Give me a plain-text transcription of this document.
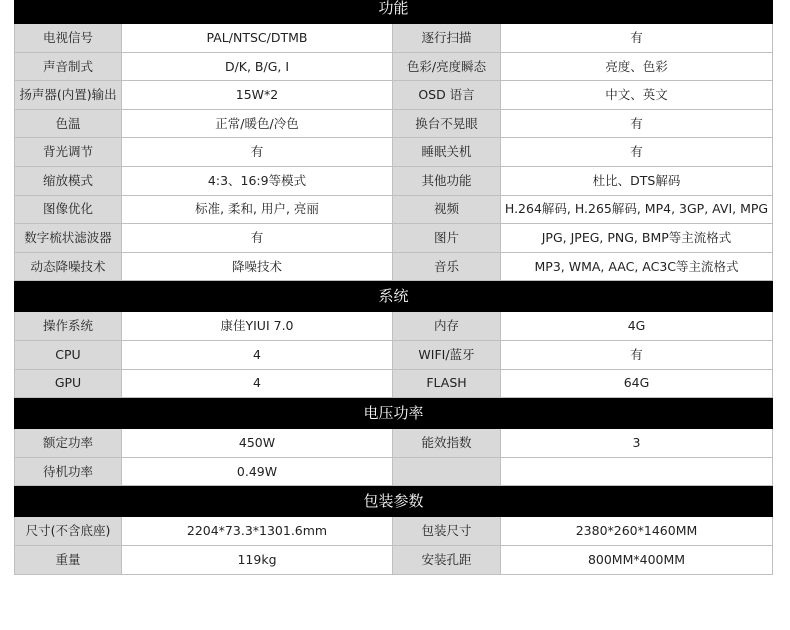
功能			
电视信号	PAL/NTSC/DTMB	逐行扫描	有
声音制式	D/K, B/G, I	色彩/亮度瞬态	亮度、色彩
扬声器(内置)输出	15W*2	OSD 语言	中文、英文
色温	正常/暖色/冷色	换台不晃眼	有
背光调节	有	睡眠关机	有
缩放模式	4:3、16:9等模式	其他功能	杜比、DTS解码
图像优化	标准, 柔和, 用户, 亮丽	视频	H.264解码, H.265解码, MP4, 3GP, AVI, MPG
数字梳状滤波器	有	图片	JPG, JPEG, PNG, BMP等主流格式
动态降噪技术	降噪技术	音乐	MP3, WMA, AAC, AC3C等主流格式
系统			
操作系统	康佳YIUI 7.0	内存	4G
CPU	4	WIFI/蓝牙	有
GPU	4	FLASH	64G
电压功率			
额定功率	450W	能效指数	3
待机功率	0.49W		
包装参数			
尺寸(不含底座)	2204*73.3*1301.6mm	包装尺寸	2380*260*1460MM
重量	119kg	安装孔距	800MM*400MM
